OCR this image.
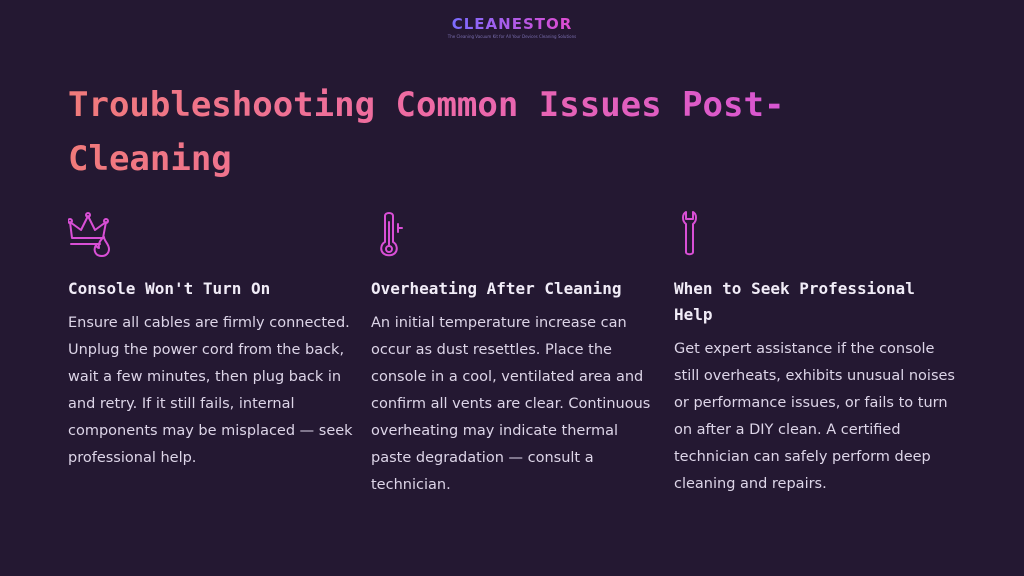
CLEANESTOR
The Cleaning Vacuum Kit for All Your Devices Cleaning Solutions
Troubleshooting Common Issues Post-Cleaning
Console Won't Turn On

Ensure all cables are firmly connected. Unplug the power cord from the back, wait a few minutes, then plug back in and retry. If it still fails, internal components may be misplaced — seek professional help.

Overheating After Cleaning

An initial temperature increase can occur as dust resettles. Place the console in a cool, ventilated area and confirm all vents are clear. Continuous overheating may indicate thermal paste degradation — consult a technician.

When to Seek Professional Help

Get expert assistance if the console still overheats, exhibits unusual noises or performance issues, or fails to turn on after a DIY clean. A certified technician can safely perform deep cleaning and repairs.
